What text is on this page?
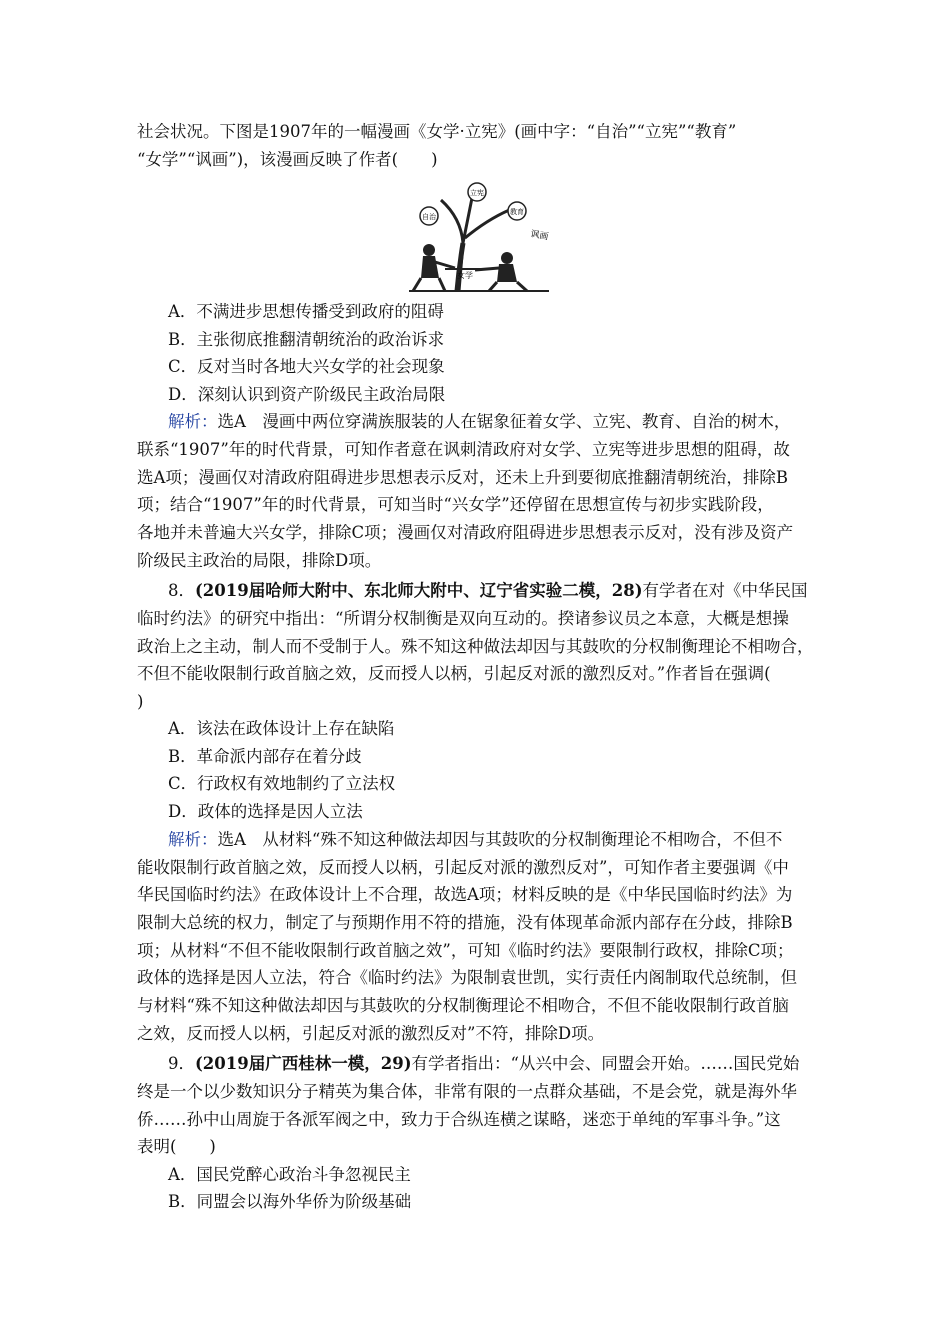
社会状况。下图是1907年的一幅漫画《女学·立宪》(画中字：“自治”“立宪”“教育”
“女学”“讽画”)，该漫画反映了作者(　　)
自治
立宪
教育
讽画
女学
A．不满进步思想传播受到政府的阻碍
B．主张彻底推翻清朝统治的政治诉求
C．反对当时各地大兴女学的社会现象
D．深刻认识到资产阶级民主政治局限
解析：选A　漫画中两位穿满族服装的人在锯象征着女学、立宪、教育、自治的树木，
联系“1907”年的时代背景，可知作者意在讽刺清政府对女学、立宪等进步思想的阻碍，故
选A项；漫画仅对清政府阻碍进步思想表示反对，还未上升到要彻底推翻清朝统治，排除B
项；结合“1907”年的时代背景，可知当时“兴女学”还停留在思想宣传与初步实践阶段，
各地并未普遍大兴女学，排除C项；漫画仅对清政府阻碍进步思想表示反对，没有涉及资产
阶级民主政治的局限，排除D项。
8．(2019届哈师大附中、东北师大附中、辽宁省实验二模，28)有学者在对《中华民国
临时约法》的研究中指出：“所谓分权制衡是双向互动的。揆诸参议员之本意，大概是想操
政治上之主动，制人而不受制于人。殊不知这种做法却因与其鼓吹的分权制衡理论不相吻合，
不但不能收限制行政首脑之效，反而授人以柄，引起反对派的激烈反对。”作者旨在强调(
)
A．该法在政体设计上存在缺陷
B．革命派内部存在着分歧
C．行政权有效地制约了立法权
D．政体的选择是因人立法
解析：选A　从材料“殊不知这种做法却因与其鼓吹的分权制衡理论不相吻合，不但不
能收限制行政首脑之效，反而授人以柄，引起反对派的激烈反对”，可知作者主要强调《中
华民国临时约法》在政体设计上不合理，故选A项；材料反映的是《中华民国临时约法》为
限制大总统的权力，制定了与预期作用不符的措施，没有体现革命派内部存在分歧，排除B
项；从材料“不但不能收限制行政首脑之效”，可知《临时约法》要限制行政权，排除C项；
政体的选择是因人立法，符合《临时约法》为限制袁世凯，实行责任内阁制取代总统制，但
与材料“殊不知这种做法却因与其鼓吹的分权制衡理论不相吻合，不但不能收限制行政首脑
之效，反而授人以柄，引起反对派的激烈反对”不符，排除D项。
9．(2019届广西桂林一模，29)有学者指出：“从兴中会、同盟会开始。……国民党始
终是一个以少数知识分子精英为集合体，非常有限的一点群众基础，不是会党，就是海外华
侨……孙中山周旋于各派军阀之中，致力于合纵连横之谋略，迷恋于单纯的军事斗争。”这
表明(　　)
A．国民党醉心政治斗争忽视民主
B．同盟会以海外华侨为阶级基础
